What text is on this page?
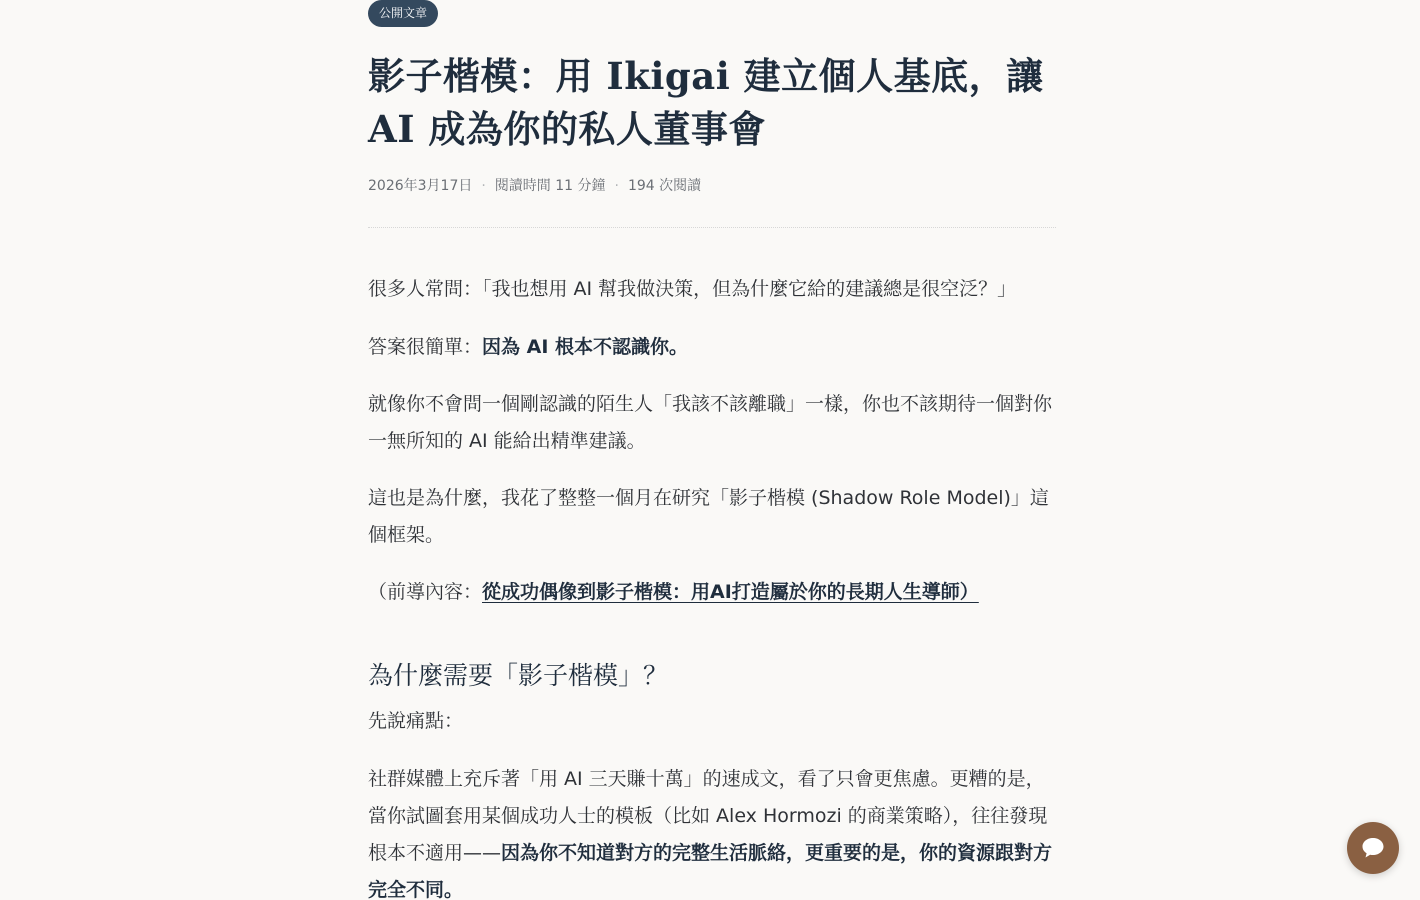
公開文章
影子楷模：用 Ikigai 建立個人基底，讓
AI 成為你的私人董事會
2026年3月17日 · 閱讀時間 11 分鐘 · 194 次閱讀

很多人常問：「我也想用 AI 幫我做決策，但為什麼它給的建議總是很空泛？」

答案很簡單：因為 AI 根本不認識你。

就像你不會問一個剛認識的陌生人「我該不該離職」一樣，你也不該期待一個對你一無所知的 AI 能給出精準建議。

這也是為什麼，我花了整整一個月在研究「影子楷模 (Shadow Role Model)」這個框架。

（前導內容：從成功偶像到影子楷模：用AI打造屬於你的長期人生導師）

為什麼需要「影子楷模」？

先說痛點：

社群媒體上充斥著「用 AI 三天賺十萬」的速成文，看了只會更焦慮。更糟的是，當你試圖套用某個成功人士的模板（比如 Alex Hormozi 的商業策略），往往發現根本不適用——因為你不知道對方的完整生活脈絡，更重要的是，你的資源跟對方完全不同。
